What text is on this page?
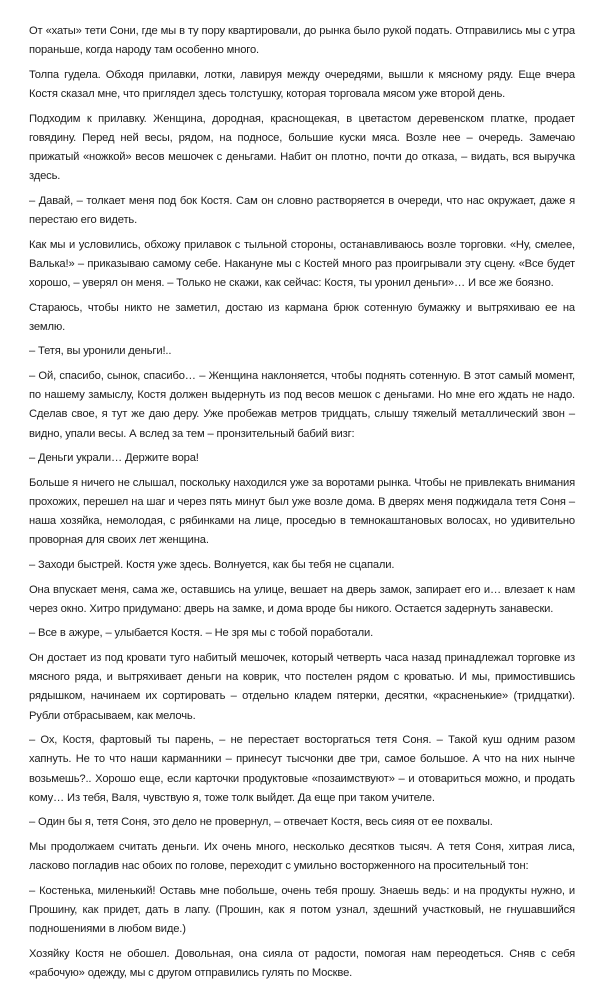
От «хаты» тети Сони, где мы в ту пору квартировали, до рынка было рукой подать. Отправились мы с утра пораньше, когда народу там особенно много.

Толпа гудела. Обходя прилавки, лотки, лавируя между очередями, вышли к мясному ряду. Еще вчера Костя сказал мне, что приглядел здесь толстушку, которая торговала мясом уже второй день.

Подходим к прилавку. Женщина, дородная, краснощекая, в цветастом деревенском платке, продает говядину. Перед ней весы, рядом, на подносе, большие куски мяса. Возле нее – очередь. Замечаю прижатый «ножкой» весов мешочек с деньгами. Набит он плотно, почти до отказа, – видать, вся выручка здесь.

– Давай, – толкает меня под бок Костя. Сам он словно растворяется в очереди, что нас окружает, даже я перестаю его видеть.

Как мы и условились, обхожу прилавок с тыльной стороны, останавливаюсь возле торговки. «Ну, смелее, Валька!» – приказываю самому себе. Накануне мы с Костей много раз проигрывали эту сцену. «Все будет хорошо, – уверял он меня. – Только не скажи, как сейчас: Костя, ты уронил деньги»… И все же боязно.

Стараюсь, чтобы никто не заметил, достаю из кармана брюк сотенную бумажку и вытряхиваю ее на землю.

– Тетя, вы уронили деньги!..

– Ой, спасибо, сынок, спасибо… – Женщина наклоняется, чтобы поднять сотенную. В этот самый момент, по нашему замыслу, Костя должен выдернуть из под весов мешок с деньгами. Но мне его ждать не надо. Сделав свое, я тут же даю деру. Уже пробежав метров тридцать, слышу тяжелый металлический звон – видно, упали весы. А вслед за тем – пронзительный бабий визг:

– Деньги украли… Держите вора!

Больше я ничего не слышал, поскольку находился уже за воротами рынка. Чтобы не привлекать внимания прохожих, перешел на шаг и через пять минут был уже возле дома. В дверях меня поджидала тетя Соня – наша хозяйка, немолодая, с рябинками на лице, проседью в темнокаштановых волосах, но удивительно проворная для своих лет женщина.

– Заходи быстрей. Костя уже здесь. Волнуется, как бы тебя не сцапали.

Она впускает меня, сама же, оставшись на улице, вешает на дверь замок, запирает его и… влезает к нам через окно. Хитро придумано: дверь на замке, и дома вроде бы никого. Остается задернуть занавески.

– Все в ажуре, – улыбается Костя. – Не зря мы с тобой поработали.

Он достает из под кровати туго набитый мешочек, который четверть часа назад принадлежал торговке из мясного ряда, и вытряхивает деньги на коврик, что постелен рядом с кроватью. И мы, примостившись рядышком, начинаем их сортировать – отдельно кладем пятерки, десятки, «красненькие» (тридцатки). Рубли отбрасываем, как мелочь.

– Ох, Костя, фартовый ты парень, – не перестает восторгаться тетя Соня. – Такой куш одним разом хапнуть. Не то что наши карманники – принесут тысчонки две три, самое большое. А что на них нынче возьмешь?.. Хорошо еще, если карточки продуктовые «позаимствуют» – и отовариться можно, и продать кому… Из тебя, Валя, чувствую я, тоже толк выйдет. Да еще при таком учителе.

– Один бы я, тетя Соня, это дело не провернул, – отвечает Костя, весь сияя от ее похвалы.

Мы продолжаем считать деньги. Их очень много, несколько десятков тысяч. А тетя Соня, хитрая лиса, ласково погладив нас обоих по голове, переходит с умильно восторженного на просительный тон:

– Костенька, миленький! Оставь мне побольше, очень тебя прошу. Знаешь ведь: и на продукты нужно, и Прошину, как придет, дать в лапу. (Прошин, как я потом узнал, здешний участковый, не гнушавшийся подношениями в любом виде.)

Хозяйку Костя не обошел. Довольная, она сияла от радости, помогая нам переодеться. Сняв с себя «рабочую» одежду, мы с другом отправились гулять по Москве.
